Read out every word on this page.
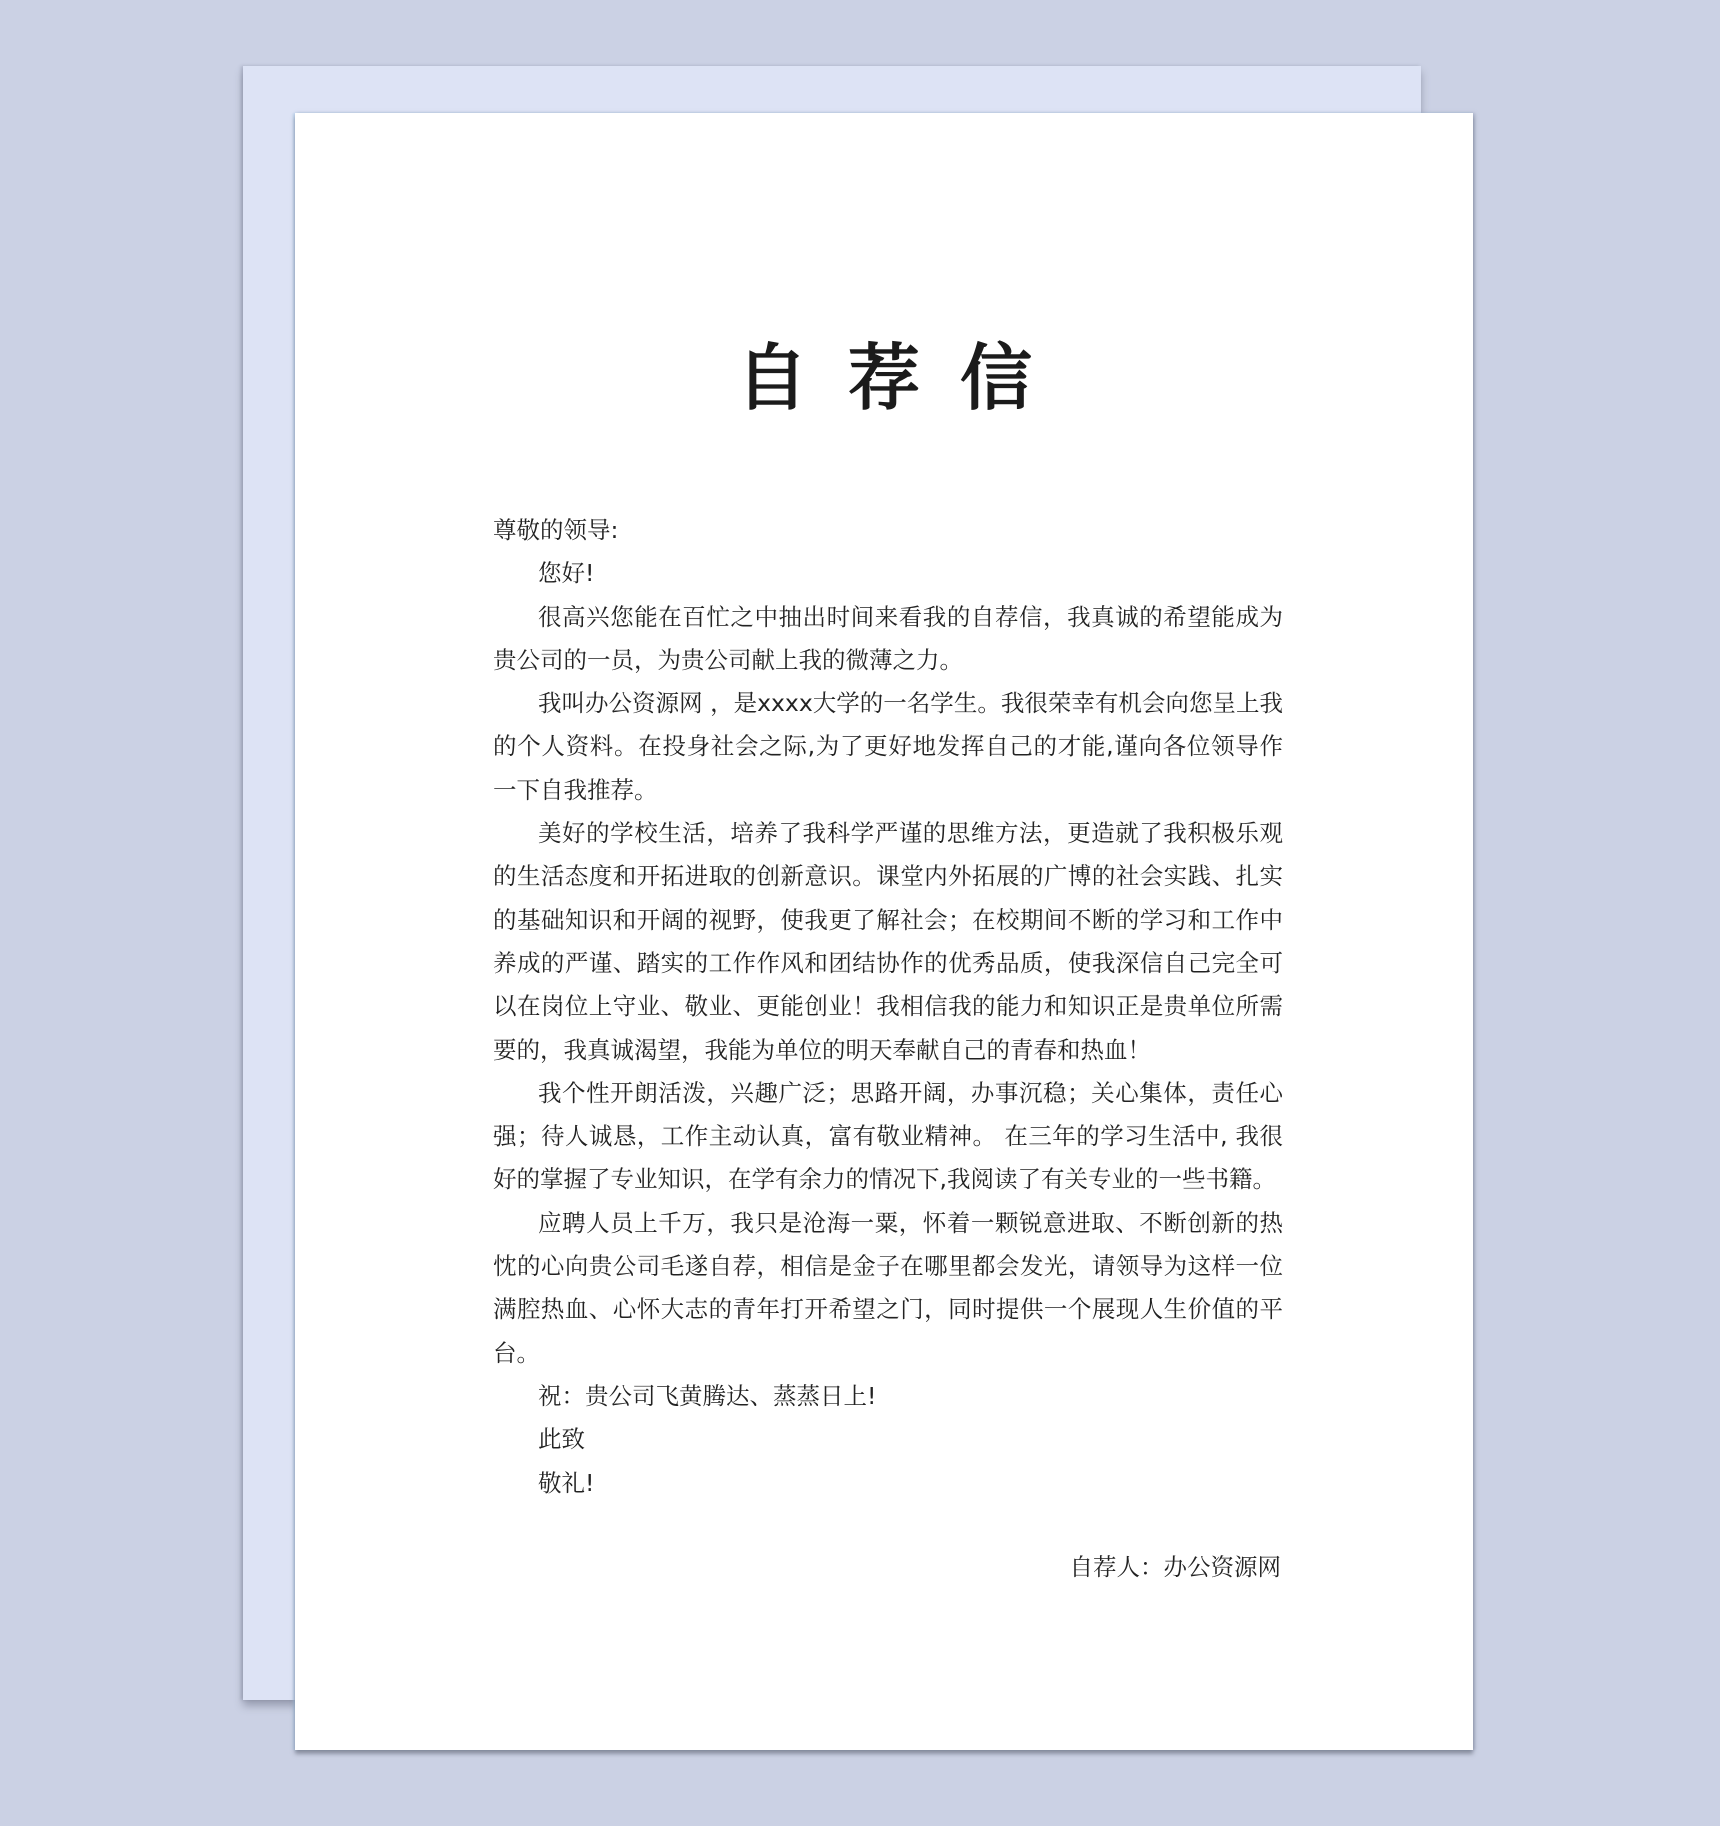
自荐信

尊敬的领导:

您好!

很高兴您能在百忙之中抽出时间来看我的自荐信，我真诚的希望能成为贵公司的一员，为贵公司献上我的微薄之力。

我叫办公资源网 ，是xxxx大学的一名学生。我很荣幸有机会向您呈上我的个人资料。在投身社会之际,为了更好地发挥自己的才能,谨向各位领导作一下自我推荐。

美好的学校生活，培养了我科学严谨的思维方法，更造就了我积极乐观的生活态度和开拓进取的创新意识。课堂内外拓展的广博的社会实践、扎实的基础知识和开阔的视野，使我更了解社会；在校期间不断的学习和工作中养成的严谨、踏实的工作作风和团结协作的优秀品质，使我深信自己完全可以在岗位上守业、敬业、更能创业！我相信我的能力和知识正是贵单位所需要的，我真诚渴望，我能为单位的明天奉献自己的青春和热血！

我个性开朗活泼，兴趣广泛；思路开阔，办事沉稳；关心集体，责任心强；待人诚恳，工作主动认真，富有敬业精神。 在三年的学习生活中, 我很好的掌握了专业知识，在学有余力的情况下,我阅读了有关专业的一些书籍。

应聘人员上千万，我只是沧海一粟，怀着一颗锐意进取、不断创新的热忱的心向贵公司毛遂自荐，相信是金子在哪里都会发光，请领导为这样一位满腔热血、心怀大志的青年打开希望之门，同时提供一个展现人生价值的平台。

祝：贵公司飞黄腾达、蒸蒸日上!

此致

敬礼!

自荐人：办公资源网
